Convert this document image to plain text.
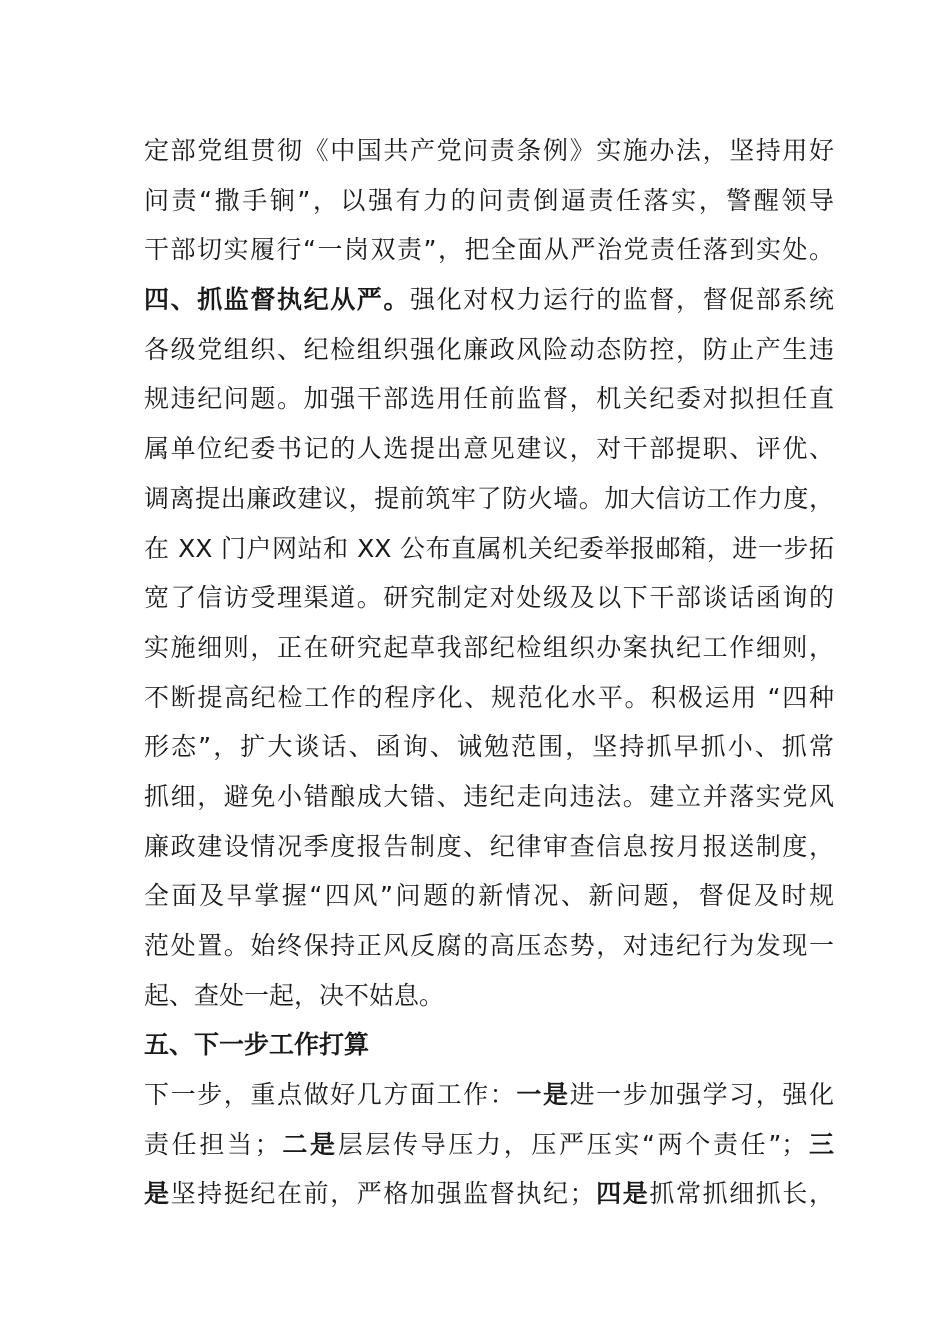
定部党组贯彻《中国共产党问责条例》实施办法，坚持用好
问责“撒手锏”，以强有力的问责倒逼责任落实，警醒领导
干部切实履行“一岗双责”，把全面从严治党责任落到实处。
四、抓监督执纪从严。强化对权力运行的监督，督促部系统
各级党组织、纪检组织强化廉政风险动态防控，防止产生违
规违纪问题。加强干部选用任前监督，机关纪委对拟担任直
属单位纪委书记的人选提出意见建议，对干部提职、评优、
调离提出廉政建议，提前筑牢了防火墙。加大信访工作力度，
在 XX 门户网站和 XX 公布直属机关纪委举报邮箱，进一步拓
宽了信访受理渠道。研究制定对处级及以下干部谈话函询的
实施细则，正在研究起草我部纪检组织办案执纪工作细则，
不断提高纪检工作的程序化、规范化水平。积极运用 “四种
形态”，扩大谈话、函询、诫勉范围，坚持抓早抓小、抓常
抓细，避免小错酿成大错、违纪走向违法。建立并落实党风
廉政建设情况季度报告制度、纪律审查信息按月报送制度，
全面及早掌握“四风”问题的新情况、新问题，督促及时规
范处置。始终保持正风反腐的高压态势，对违纪行为发现一
起、查处一起，决不姑息。
五、下一步工作打算
下一步，重点做好几方面工作：一是进一步加强学习，强化
责任担当；二是层层传导压力，压严压实“两个责任”；三
是坚持挺纪在前，严格加强监督执纪；四是抓常抓细抓长，
